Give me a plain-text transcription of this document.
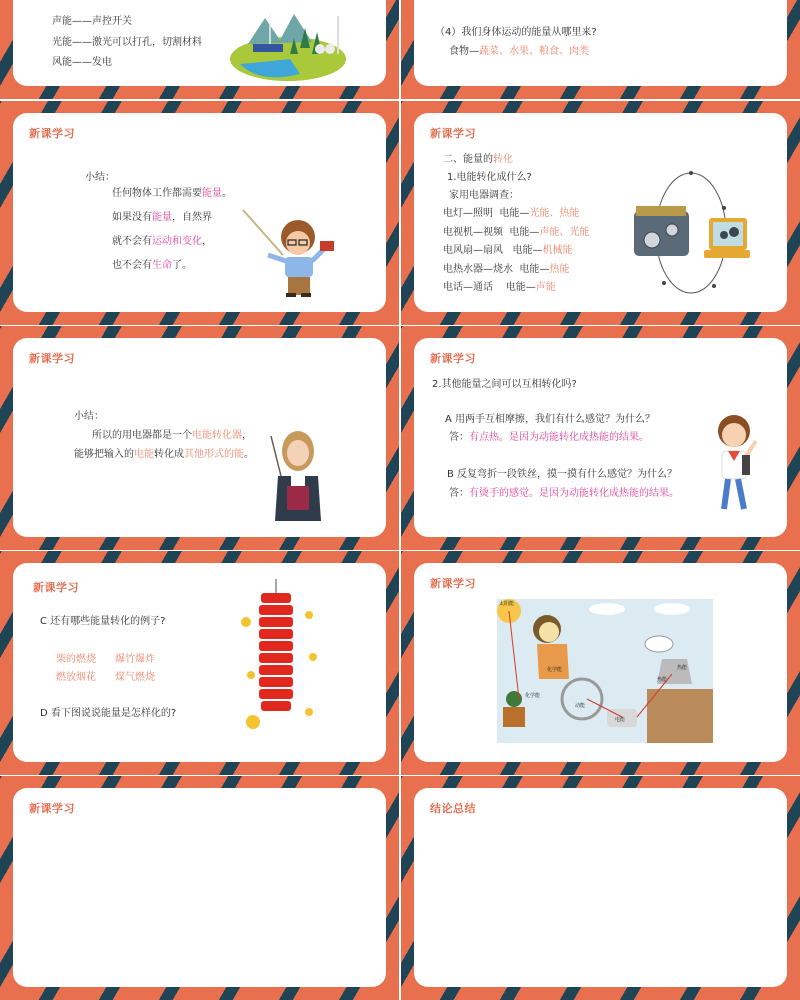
声能——声控开关
光能——激光可以打孔，切割材料
风能——发电
（4）我们身体运动的能量从哪里来?
食物—蔬菜、水果、粮食、肉类
新课学习
小结：
任何物体工作都需要能量。
如果没有能量，自然界
就不会有运动和变化，
也不会有生命了。
新课学习
二、能量的转化
1.电能转化成什么?
家用电器调查：
电灯—照明 电能—光能、热能
电视机—视频 电能—声能、光能
电风扇—扇风 电能—机械能
电热水器—烧水 电能—热能
电话—通话 电能—声能
新课学习
小结：
所以的用电器都是一个电能转化器，
能够把输入的电能转化成其他形式的能。
新课学习
2.其他能量之间可以互相转化吗?
A 用两手互相摩擦，我们有什么感觉？为什么？
答：有点热。是因为动能转化成热能的结果。
B 反复弯折一段铁丝，摸一摸有什么感觉？为什么？
答：有烫手的感觉。是因为动能转化成热能的结果。
新课学习
C 还有哪些能量转化的例子?
柴的燃烧 爆竹爆炸
燃放烟花 煤气燃烧
D 看下图说说能量是怎样化的?
新课学习
太阳能
化学能
化学能
动能
电能
热能
热能
新课学习	结论总结
